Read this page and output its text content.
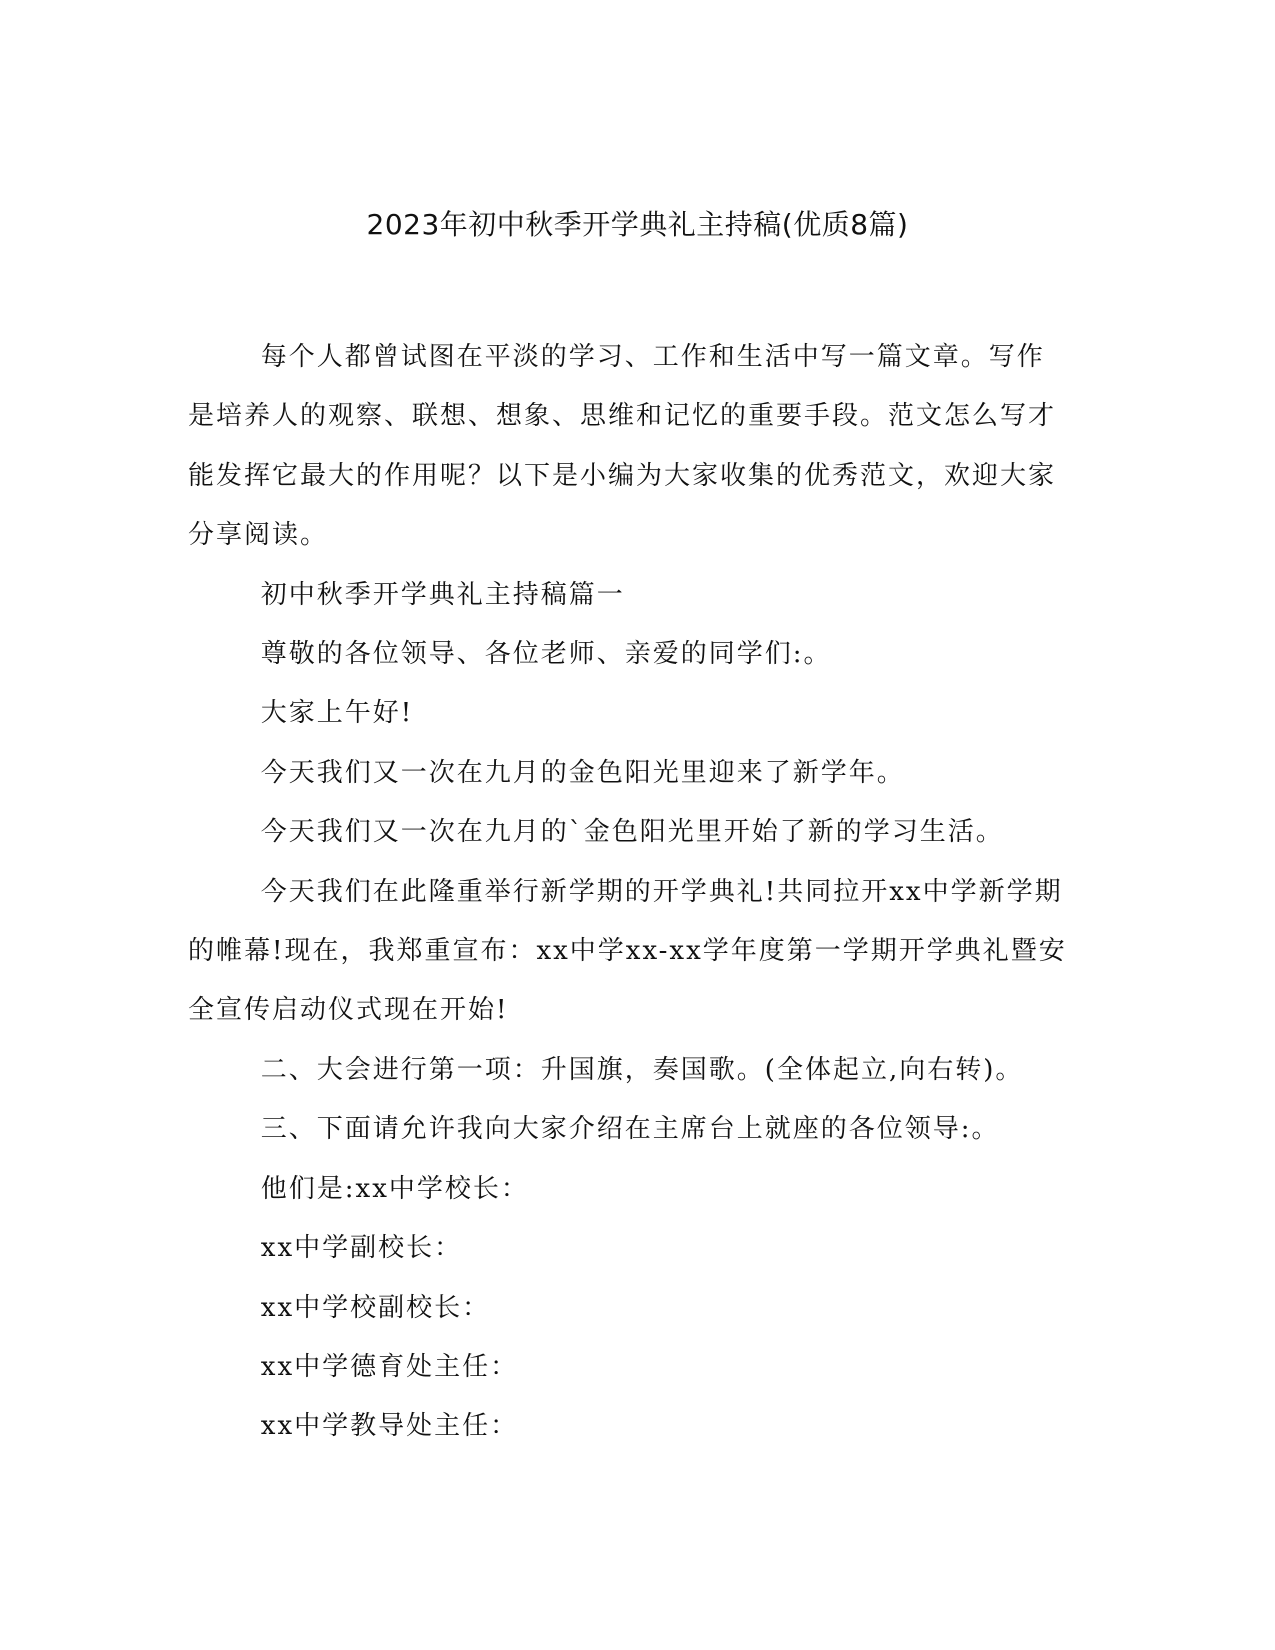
2023年初中秋季开学典礼主持稿(优质8篇)

每个人都曾试图在平淡的学习、工作和生活中写一篇文章。写作是培养人的观察、联想、想象、思维和记忆的重要手段。范文怎么写才能发挥它最大的作用呢？以下是小编为大家收集的优秀范文，欢迎大家分享阅读。

初中秋季开学典礼主持稿篇一

尊敬的各位领导、各位老师、亲爱的同学们:。

大家上午好!

今天我们又一次在九月的金色阳光里迎来了新学年。

今天我们又一次在九月的`金色阳光里开始了新的学习生活。

今天我们在此隆重举行新学期的开学典礼!共同拉开xx中学新学期的帷幕!现在，我郑重宣布：xx中学xx-xx学年度第一学期开学典礼暨安全宣传启动仪式现在开始!

二、大会进行第一项：升国旗，奏国歌。(全体起立,向右转)。

三、下面请允许我向大家介绍在主席台上就座的各位领导:。

他们是:xx中学校长：

xx中学副校长：

xx中学校副校长：

xx中学德育处主任：

xx中学教导处主任：
